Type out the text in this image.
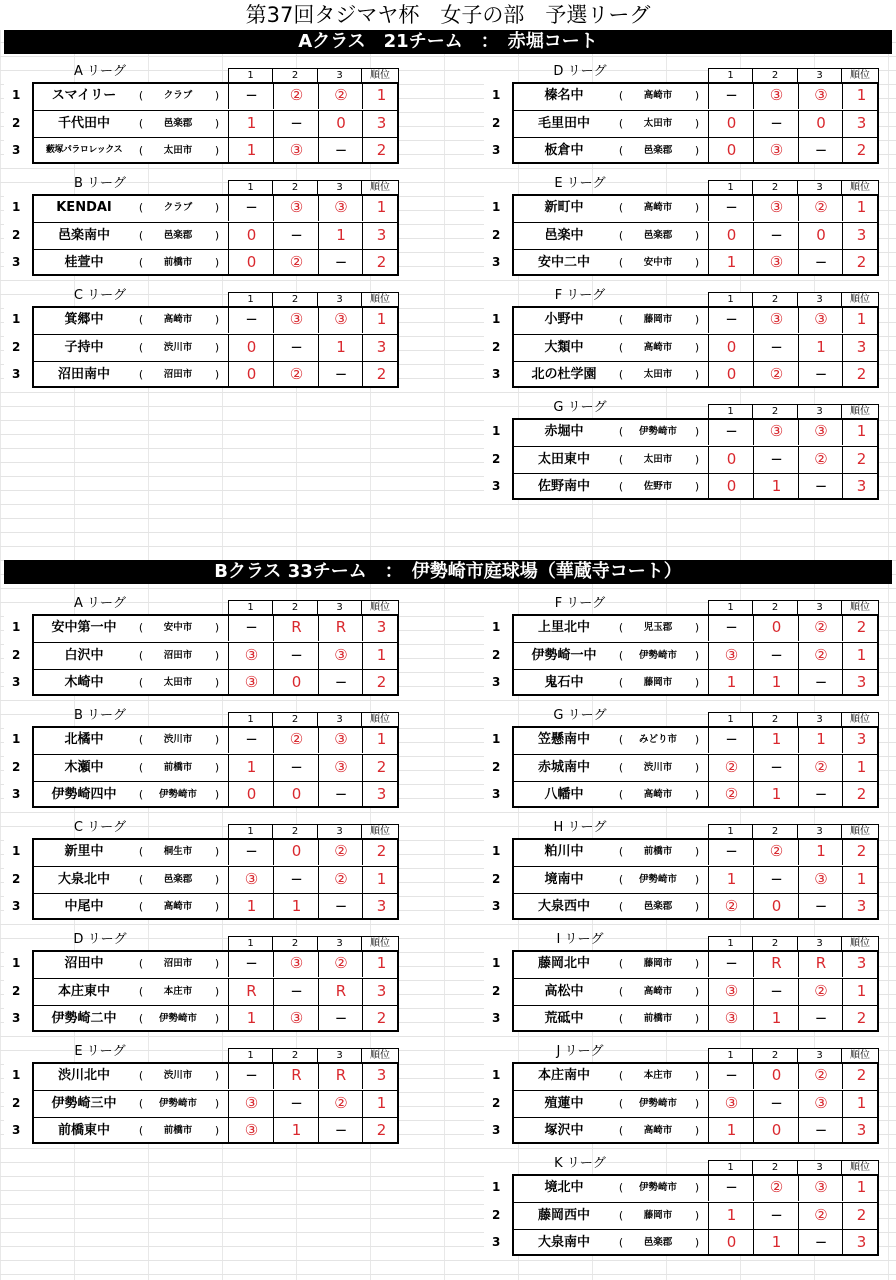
第37回タジマヤ杯　女子の部　予選リーグ
Aクラス　21チーム　：　赤堀コート
A リーグ	1	2	3	順位
1	スマイリー	(	クラブ	)	−	②	②	1
2	千代田中	(	邑楽郡	)	1	−	0	3
3	藪塚パラロレックス	(	太田市	)	1	③	−	2
B リーグ	1	2	3	順位
1	KENDAI	(	クラブ	)	−	③	③	1
2	邑楽南中	(	邑楽郡	)	0	−	1	3
3	桂萱中	(	前橋市	)	0	②	−	2
C リーグ	1	2	3	順位
1	箕郷中	(	高崎市	)	−	③	③	1
2	子持中	(	渋川市	)	0	−	1	3
3	沼田南中	(	沼田市	)	0	②	−	2
D リーグ	1	2	3	順位
1	榛名中	(	高崎市	)	−	③	③	1
2	毛里田中	(	太田市	)	0	−	0	3
3	板倉中	(	邑楽郡	)	0	③	−	2
E リーグ	1	2	3	順位
1	新町中	(	高崎市	)	−	③	②	1
2	邑楽中	(	邑楽郡	)	0	−	0	3
3	安中二中	(	安中市	)	1	③	−	2
F リーグ	1	2	3	順位
1	小野中	(	藤岡市	)	−	③	③	1
2	大類中	(	高崎市	)	0	−	1	3
3	北の杜学園	(	太田市	)	0	②	−	2
G リーグ	1	2	3	順位
1	赤堀中	(	伊勢崎市	)	−	③	③	1
2	太田東中	(	太田市	)	0	−	②	2
3	佐野南中	(	佐野市	)	0	1	−	3
Bクラス 33チーム　：　伊勢崎市庭球場（華蔵寺コート）
A リーグ	1	2	3	順位
1	安中第一中	(	安中市	)	−	R	R	3
2	白沢中	(	沼田市	)	③	−	③	1
3	木崎中	(	太田市	)	③	0	−	2
B リーグ	1	2	3	順位
1	北橘中	(	渋川市	)	−	②	③	1
2	木瀬中	(	前橋市	)	1	−	③	2
3	伊勢崎四中	(	伊勢崎市	)	0	0	−	3
C リーグ	1	2	3	順位
1	新里中	(	桐生市	)	−	0	②	2
2	大泉北中	(	邑楽郡	)	③	−	②	1
3	中尾中	(	高崎市	)	1	1	−	3
D リーグ	1	2	3	順位
1	沼田中	(	沼田市	)	−	③	②	1
2	本庄東中	(	本庄市	)	R	−	R	3
3	伊勢崎二中	(	伊勢崎市	)	1	③	−	2
E リーグ	1	2	3	順位
1	渋川北中	(	渋川市	)	−	R	R	3
2	伊勢崎三中	(	伊勢崎市	)	③	−	②	1
3	前橋東中	(	前橋市	)	③	1	−	2
F リーグ	1	2	3	順位
1	上里北中	(	児玉郡	)	−	0	②	2
2	伊勢崎一中	(	伊勢崎市	)	③	−	②	1
3	鬼石中	(	藤岡市	)	1	1	−	3
G リーグ	1	2	3	順位
1	笠懸南中	(	みどり市	)	−	1	1	3
2	赤城南中	(	渋川市	)	②	−	②	1
3	八幡中	(	高崎市	)	②	1	−	2
H リーグ	1	2	3	順位
1	粕川中	(	前橋市	)	−	②	1	2
2	境南中	(	伊勢崎市	)	1	−	③	1
3	大泉西中	(	邑楽郡	)	②	0	−	3
I リーグ	1	2	3	順位
1	藤岡北中	(	藤岡市	)	−	R	R	3
2	高松中	(	高崎市	)	③	−	②	1
3	荒砥中	(	前橋市	)	③	1	−	2
J リーグ	1	2	3	順位
1	本庄南中	(	本庄市	)	−	0	②	2
2	殖蓮中	(	伊勢崎市	)	③	−	③	1
3	塚沢中	(	高崎市	)	1	0	−	3
K リーグ	1	2	3	順位
1	境北中	(	伊勢崎市	)	−	②	③	1
2	藤岡西中	(	藤岡市	)	1	−	②	2
3	大泉南中	(	邑楽郡	)	0	1	−	3
